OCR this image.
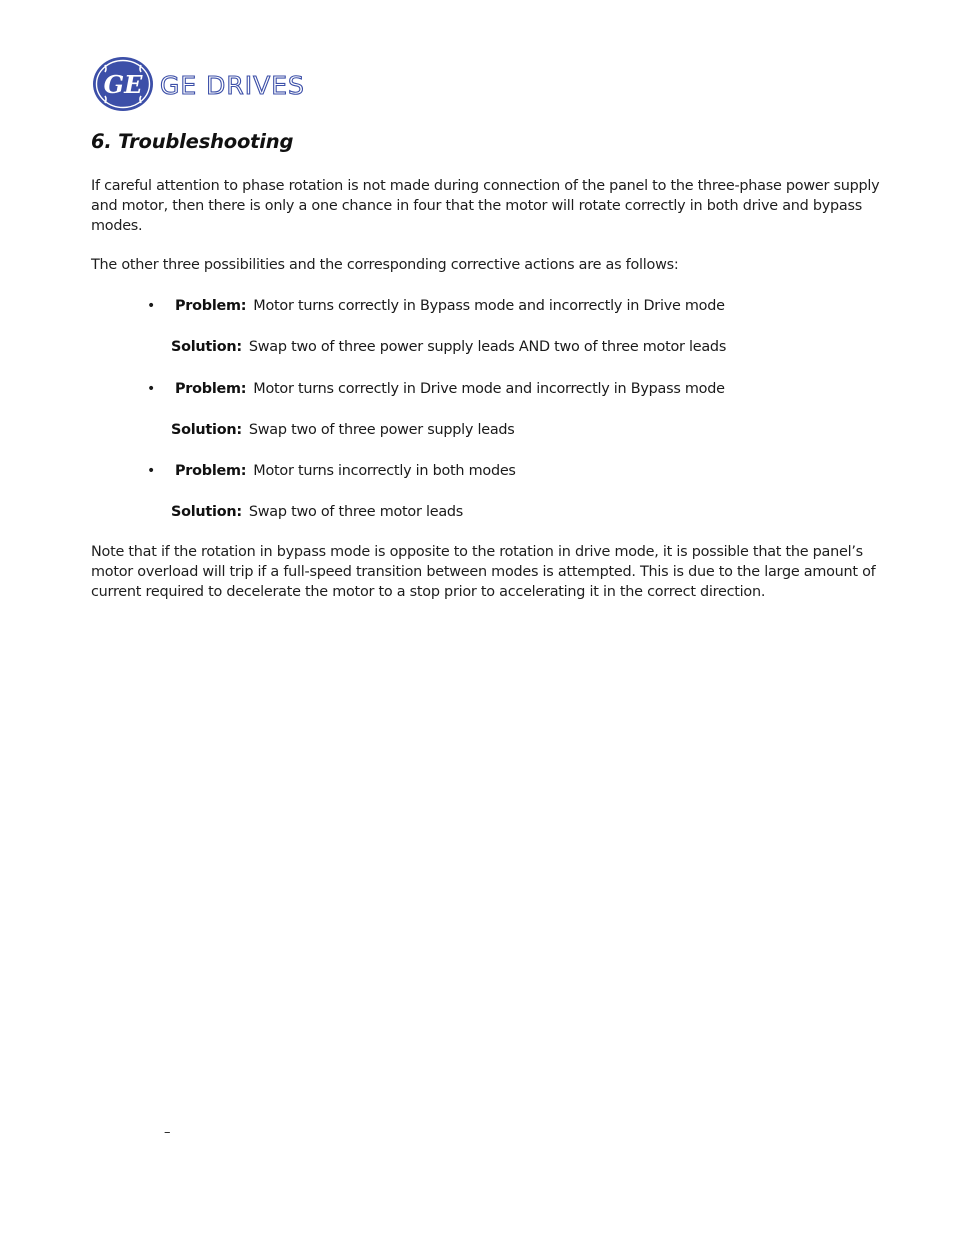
GE GE DRIVES
6. Troubleshooting

If careful attention to phase rotation is not made during connection of the panel to the three-phase power supply and motor, then there is only a one chance in four that the motor will rotate correctly in both drive and bypass modes.

The other three possibilities and the corresponding corrective actions are as follows:

• Problem: Motor turns correctly in Bypass mode and incorrectly in Drive mode
Solution: Swap two of three power supply leads AND two of three motor leads
• Problem: Motor turns correctly in Drive mode and incorrectly in Bypass mode
Solution: Swap two of three power supply leads
• Problem: Motor turns incorrectly in both modes
Solution: Swap two of three motor leads

Note that if the rotation in bypass mode is opposite to the rotation in drive mode, it is possible that the panel’s motor overload will trip if a full-speed transition between modes is attempted. This is due to the large amount of current required to decelerate the motor to a stop prior to accelerating it in the correct direction.

–
